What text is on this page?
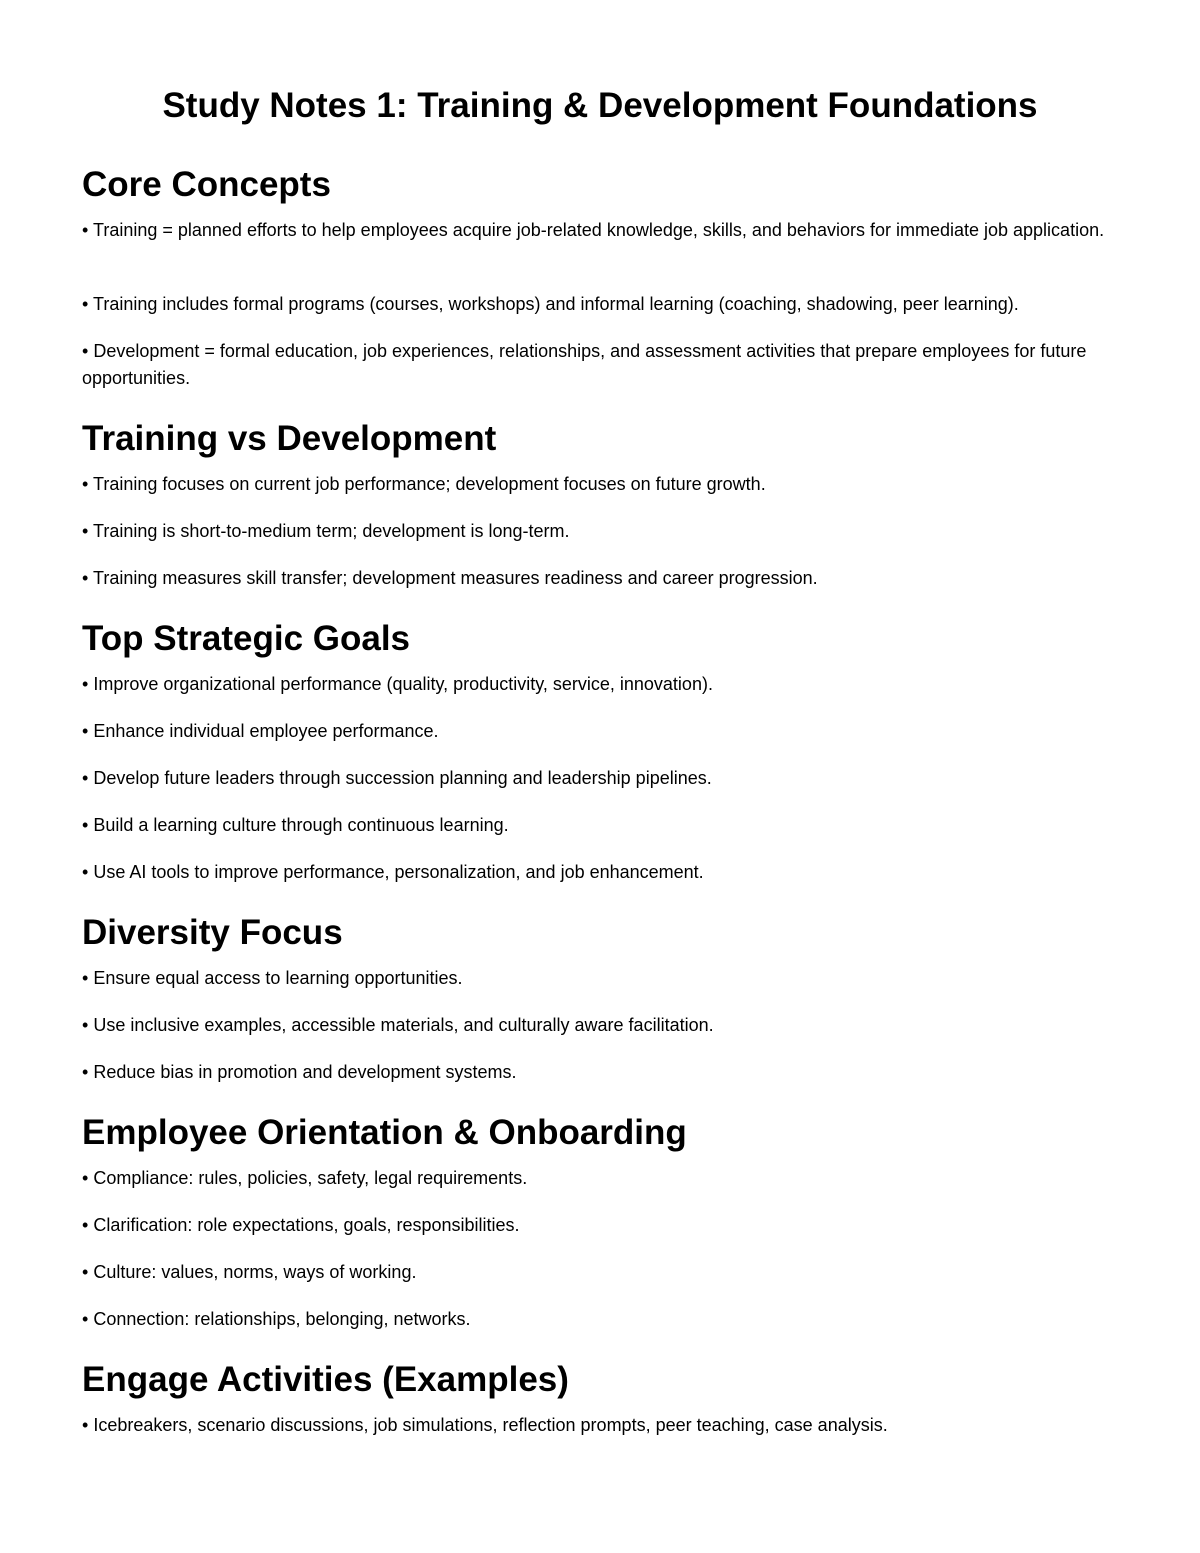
Study Notes 1: Training & Development Foundations
Core Concepts

• Training = planned efforts to help employees acquire job-related knowledge, skills, and behaviors for immediate job application.

• Training includes formal programs (courses, workshops) and informal learning (coaching, shadowing, peer learning).

• Development = formal education, job experiences, relationships, and assessment activities that prepare employees for future opportunities.

Training vs Development

• Training focuses on current job performance; development focuses on future growth.

• Training is short-to-medium term; development is long-term.

• Training measures skill transfer; development measures readiness and career progression.

Top Strategic Goals

• Improve organizational performance (quality, productivity, service, innovation).

• Enhance individual employee performance.

• Develop future leaders through succession planning and leadership pipelines.

• Build a learning culture through continuous learning.

• Use AI tools to improve performance, personalization, and job enhancement.

Diversity Focus

• Ensure equal access to learning opportunities.

• Use inclusive examples, accessible materials, and culturally aware facilitation.

• Reduce bias in promotion and development systems.

Employee Orientation & Onboarding

• Compliance: rules, policies, safety, legal requirements.

• Clarification: role expectations, goals, responsibilities.

• Culture: values, norms, ways of working.

• Connection: relationships, belonging, networks.

Engage Activities (Examples)

• Icebreakers, scenario discussions, job simulations, reflection prompts, peer teaching, case analysis.
